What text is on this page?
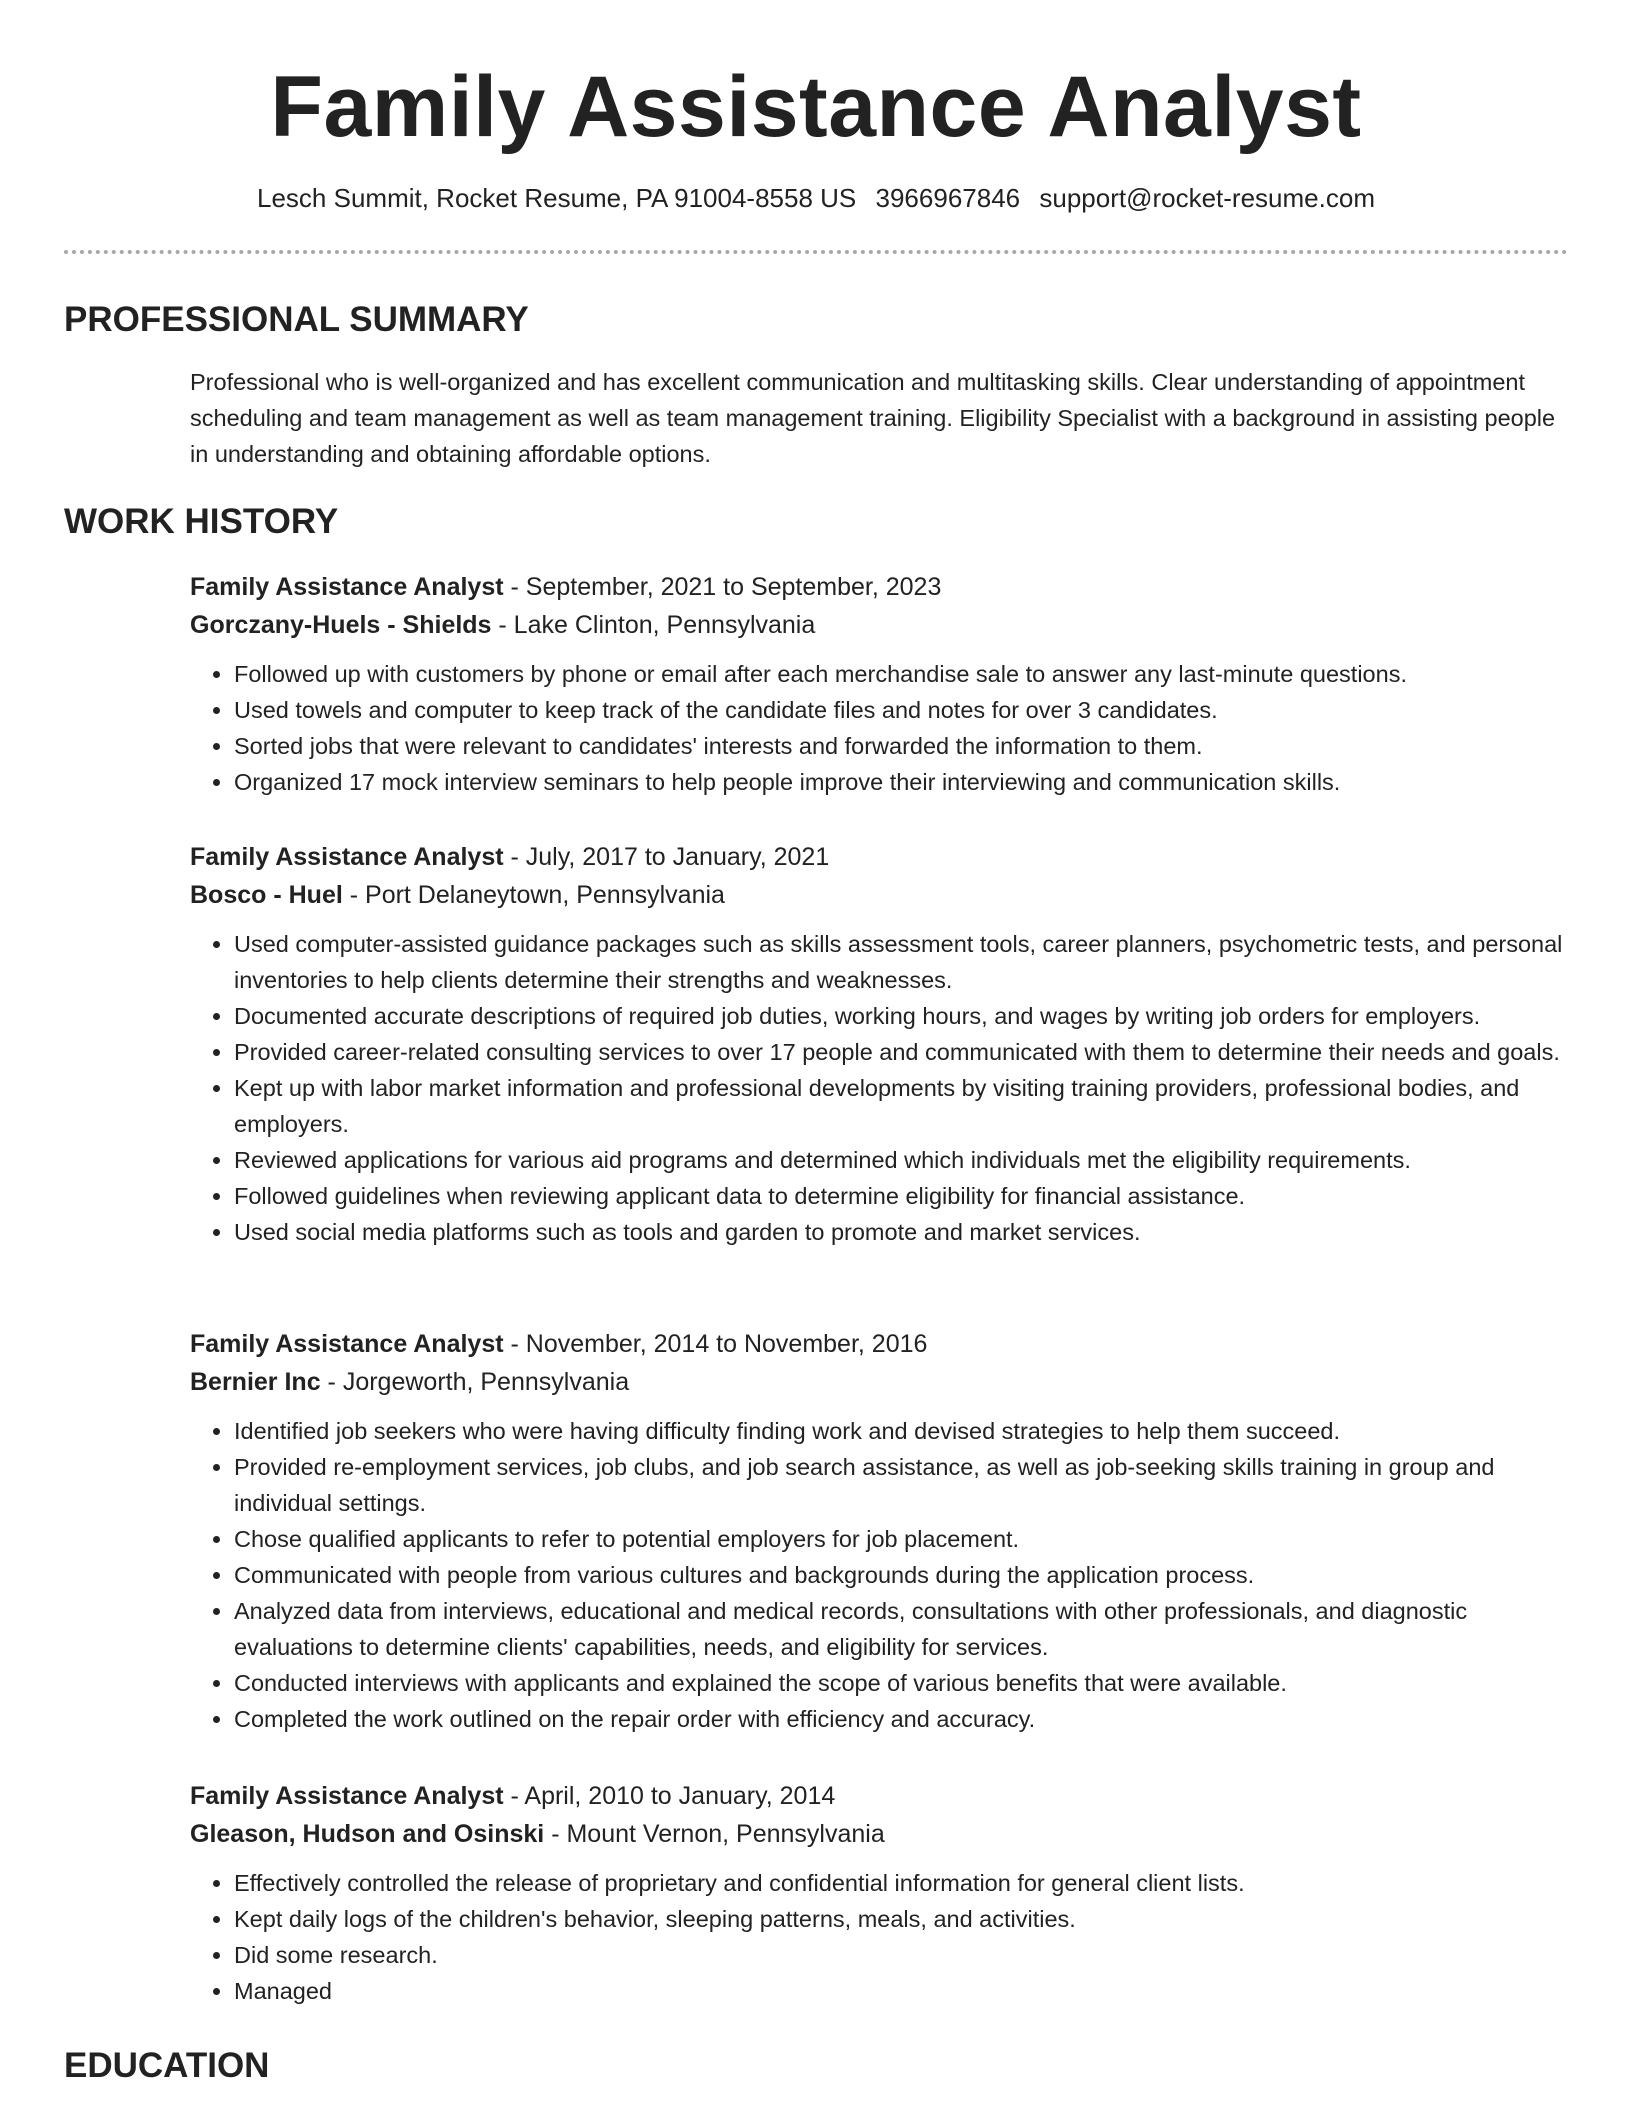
Family Assistance Analyst
Lesch Summit, Rocket Resume, PA 91004-8558 US 3966967846 support@rocket-resume.com
PROFESSIONAL SUMMARY
Professional who is well-organized and has excellent communication and multitasking skills. Clear understanding of appointment scheduling and team management as well as team management training. Eligibility Specialist with a background in assisting people in understanding and obtaining affordable options.
WORK HISTORY
Family Assistance Analyst - September, 2021 to September, 2023
Gorczany-Huels - Shields - Lake Clinton, Pennsylvania
• Followed up with customers by phone or email after each merchandise sale to answer any last-minute questions.
• Used towels and computer to keep track of the candidate files and notes for over 3 candidates.
• Sorted jobs that were relevant to candidates' interests and forwarded the information to them.
• Organized 17 mock interview seminars to help people improve their interviewing and communication skills.
Family Assistance Analyst - July, 2017 to January, 2021
Bosco - Huel - Port Delaneytown, Pennsylvania
• Used computer-assisted guidance packages such as skills assessment tools, career planners, psychometric tests, and personal inventories to help clients determine their strengths and weaknesses.
• Documented accurate descriptions of required job duties, working hours, and wages by writing job orders for employers.
• Provided career-related consulting services to over 17 people and communicated with them to determine their needs and goals.
• Kept up with labor market information and professional developments by visiting training providers, professional bodies, and employers.
• Reviewed applications for various aid programs and determined which individuals met the eligibility requirements.
• Followed guidelines when reviewing applicant data to determine eligibility for financial assistance.
• Used social media platforms such as tools and garden to promote and market services.
Family Assistance Analyst - November, 2014 to November, 2016
Bernier Inc - Jorgeworth, Pennsylvania
• Identified job seekers who were having difficulty finding work and devised strategies to help them succeed.
• Provided re-employment services, job clubs, and job search assistance, as well as job-seeking skills training in group and individual settings.
• Chose qualified applicants to refer to potential employers for job placement.
• Communicated with people from various cultures and backgrounds during the application process.
• Analyzed data from interviews, educational and medical records, consultations with other professionals, and diagnostic evaluations to determine clients' capabilities, needs, and eligibility for services.
• Conducted interviews with applicants and explained the scope of various benefits that were available.
• Completed the work outlined on the repair order with efficiency and accuracy.
Family Assistance Analyst - April, 2010 to January, 2014
Gleason, Hudson and Osinski - Mount Vernon, Pennsylvania
• Effectively controlled the release of proprietary and confidential information for general client lists.
• Kept daily logs of the children's behavior, sleeping patterns, meals, and activities.
• Did some research.
• Managed
EDUCATION
